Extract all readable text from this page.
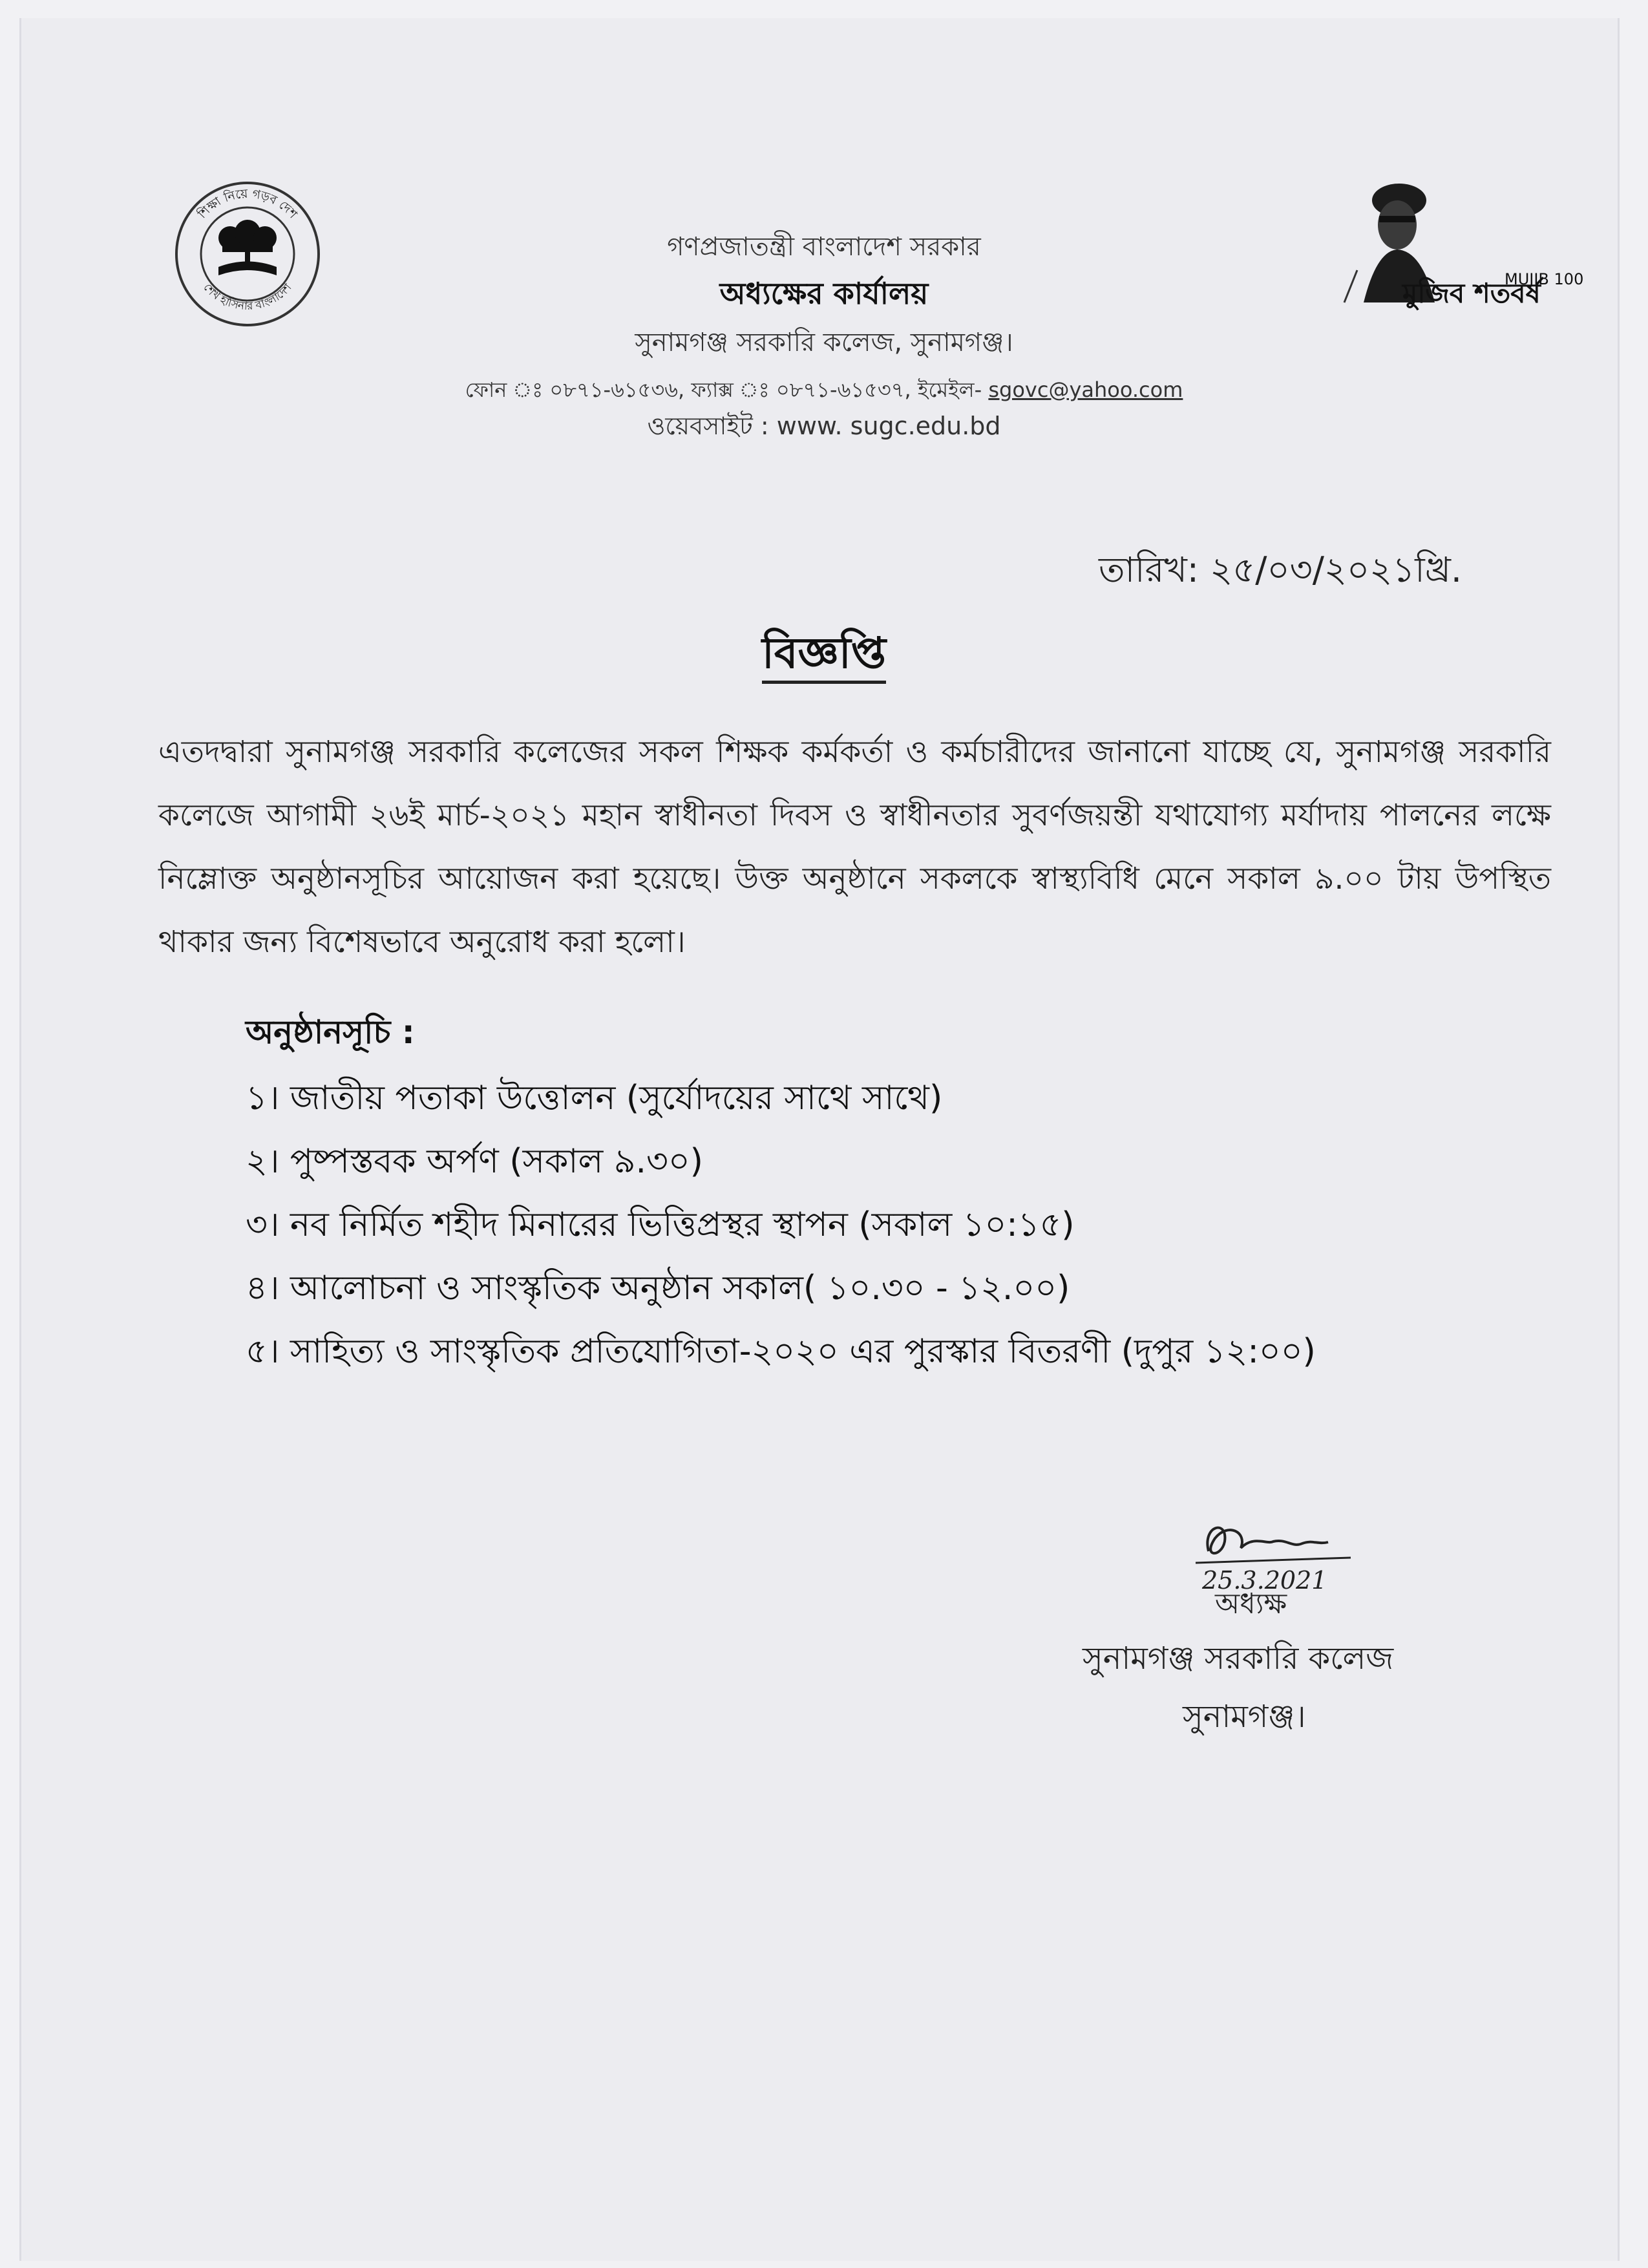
শিক্ষা নিয়ে গড়ব দেশ
শেখ হাসিনার বাংলাদেশ	মুজিব শতবর্ষ
MUJIB 100
গণপ্রজাতন্ত্রী বাংলাদেশ সরকার
অধ্যক্ষের কার্যালয়
সুনামগঞ্জ সরকারি কলেজ, সুনামগঞ্জ।
ফোন ঃ ০৮৭১-৬১৫৩৬, ফ্যাক্স ঃ ০৮৭১-৬১৫৩৭, ইমেইল- sgovc@yahoo.com
ওয়েবসাইট : www. sugc.edu.bd
তারিখ: ২৫/০৩/২০২১খ্রি.
বিজ্ঞপ্তি
এতদদ্বারা সুনামগঞ্জ সরকারি কলেজের সকল শিক্ষক কর্মকর্তা ও কর্মচারীদের জানানো যাচ্ছে যে, সুনামগঞ্জ সরকারি কলেজে আগামী ২৬ই মার্চ-২০২১ মহান স্বাধীনতা দিবস ও স্বাধীনতার সুবর্ণজয়ন্তী যথাযোগ্য মর্যাদায় পালনের লক্ষে নিম্লোক্ত অনুষ্ঠানসূচির আয়োজন করা হয়েছে। উক্ত অনুষ্ঠানে সকলকে স্বাস্থ্যবিধি মেনে সকাল ৯.০০ টায় উপস্থিত থাকার জন্য বিশেষভাবে অনুরোধ করা হলো।
অনুষ্ঠানসূচি :
১। জাতীয় পতাকা উত্তোলন (সুর্যোদয়ের সাথে সাথে)
২। পুষ্পস্তবক অর্পণ (সকাল ৯.৩০)
৩। নব নির্মিত শহীদ মিনারের ভিত্তিপ্রস্থর স্থাপন (সকাল ১০:১৫)
৪। আলোচনা ও সাংস্কৃতিক অনুষ্ঠান সকাল( ১০.৩০ - ১২.০০)
৫। সাহিত্য ও সাংস্কৃতিক প্রতিযোগিতা-২০২০ এর পুরস্কার বিতরণী (দুপুর ১২:০০)
25.3.2021
অধ্যক্ষ
সুনামগঞ্জ সরকারি কলেজ
সুনামগঞ্জ।
